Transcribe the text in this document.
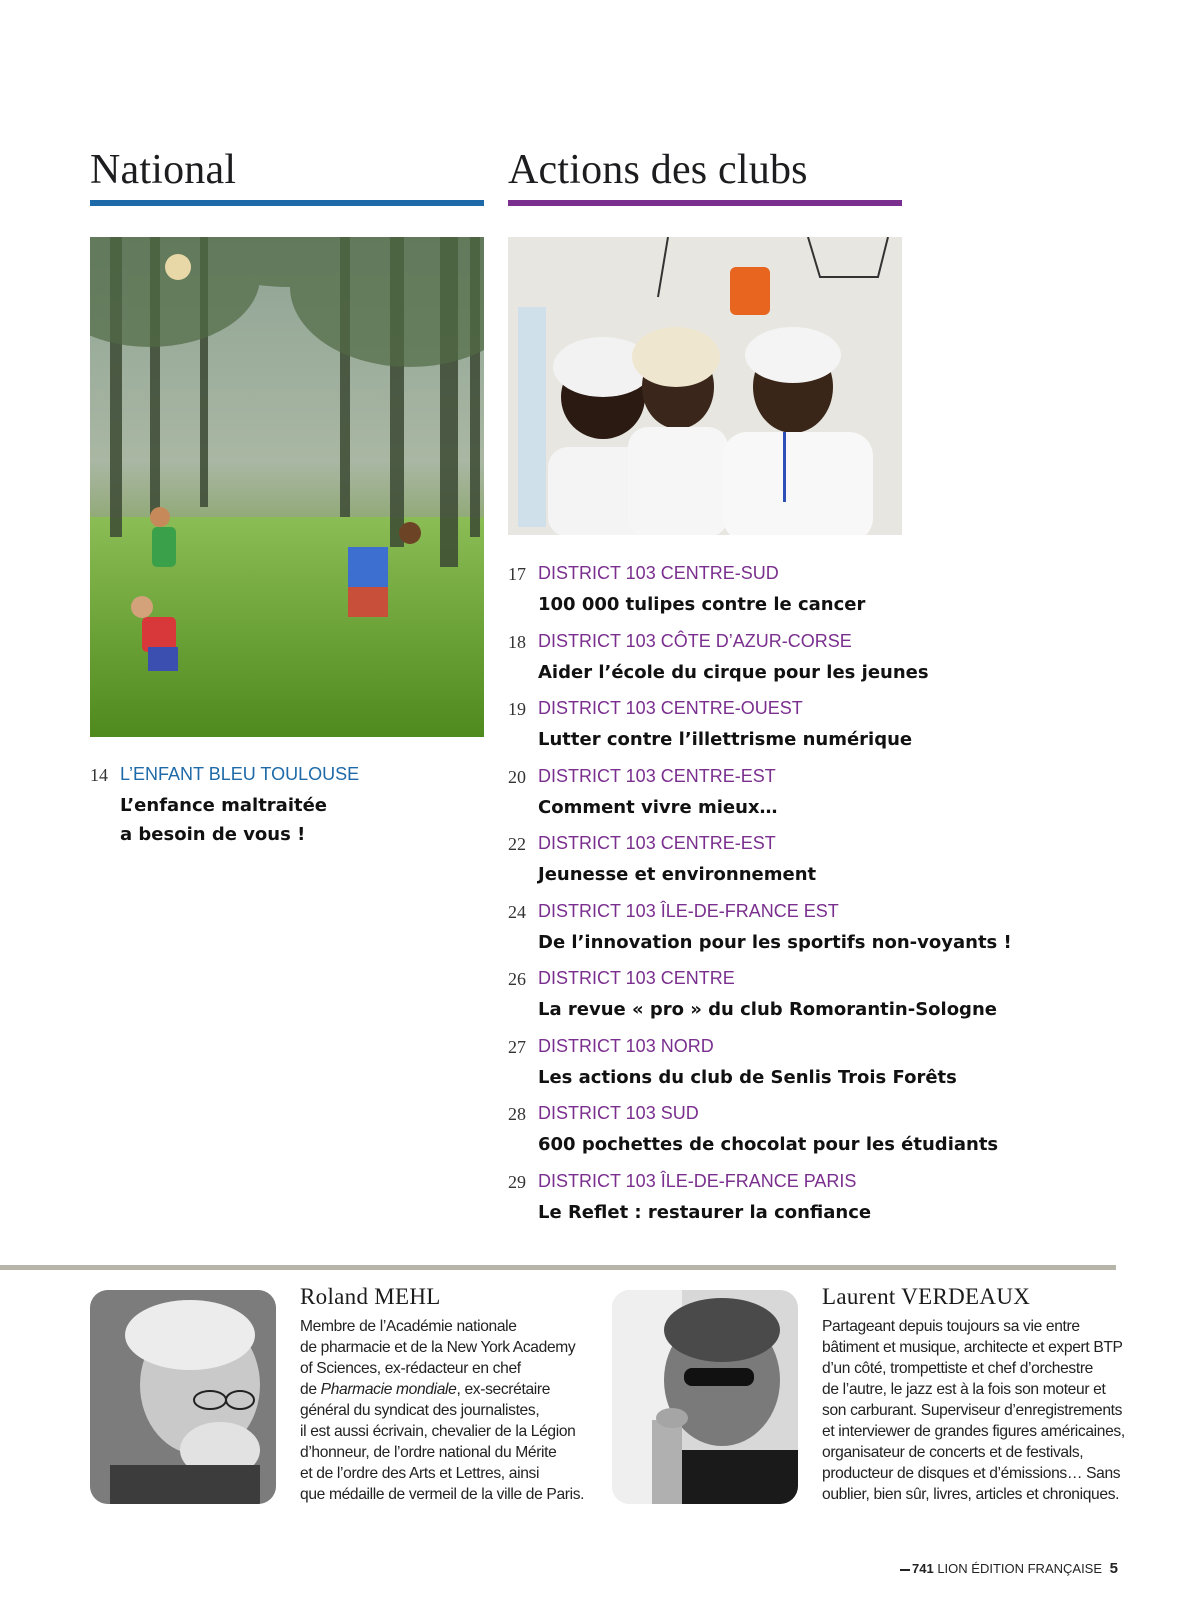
National
14 L’ENFANT BLEU TOULOUSE
L’enfance maltraitée
a besoin de vous !
Actions des clubs
17 DISTRICT 103 CENTRE-SUD
100 000 tulipes contre le cancer
18 DISTRICT 103 CÔTE D’AZUR-CORSE
Aider l’école du cirque pour les jeunes
19 DISTRICT 103 CENTRE-OUEST
Lutter contre l’illettrisme numérique
20 DISTRICT 103 CENTRE-EST
Comment vivre mieux…
22 DISTRICT 103 CENTRE-EST
Jeunesse et environnement
24 DISTRICT 103 ÎLE-DE-FRANCE EST
De l’innovation pour les sportifs non-voyants !
26 DISTRICT 103 CENTRE
La revue « pro » du club Romorantin-Sologne
27 DISTRICT 103 NORD
Les actions du club de Senlis Trois Forêts
28 DISTRICT 103 SUD
600 pochettes de chocolat pour les étudiants
29 DISTRICT 103 ÎLE-DE-FRANCE PARIS
Le Reflet : restaurer la confiance
Roland MEHL
Membre de l’Académie nationale
de pharmacie et de la New York Academy
of Sciences, ex-rédacteur en chef
de Pharmacie mondiale, ex-secrétaire
général du syndicat des journalistes,
il est aussi écrivain, chevalier de la Légion
d’honneur, de l’ordre national du Mérite
et de l’ordre des Arts et Lettres, ainsi
que médaille de vermeil de la ville de Paris.
Laurent VERDEAUX
Partageant depuis toujours sa vie entre
bâtiment et musique, architecte et expert BTP
d’un côté, trompettiste et chef d’orchestre
de l’autre, le jazz est à la fois son moteur et
son carburant. Superviseur d’enregistrements
et interviewer de grandes figures américaines,
organisateur de concerts et de festivals,
producteur de disques et d’émissions… Sans
oublier, bien sûr, livres, articles et chroniques.
741 LION ÉDITION FRANÇAISE 5
